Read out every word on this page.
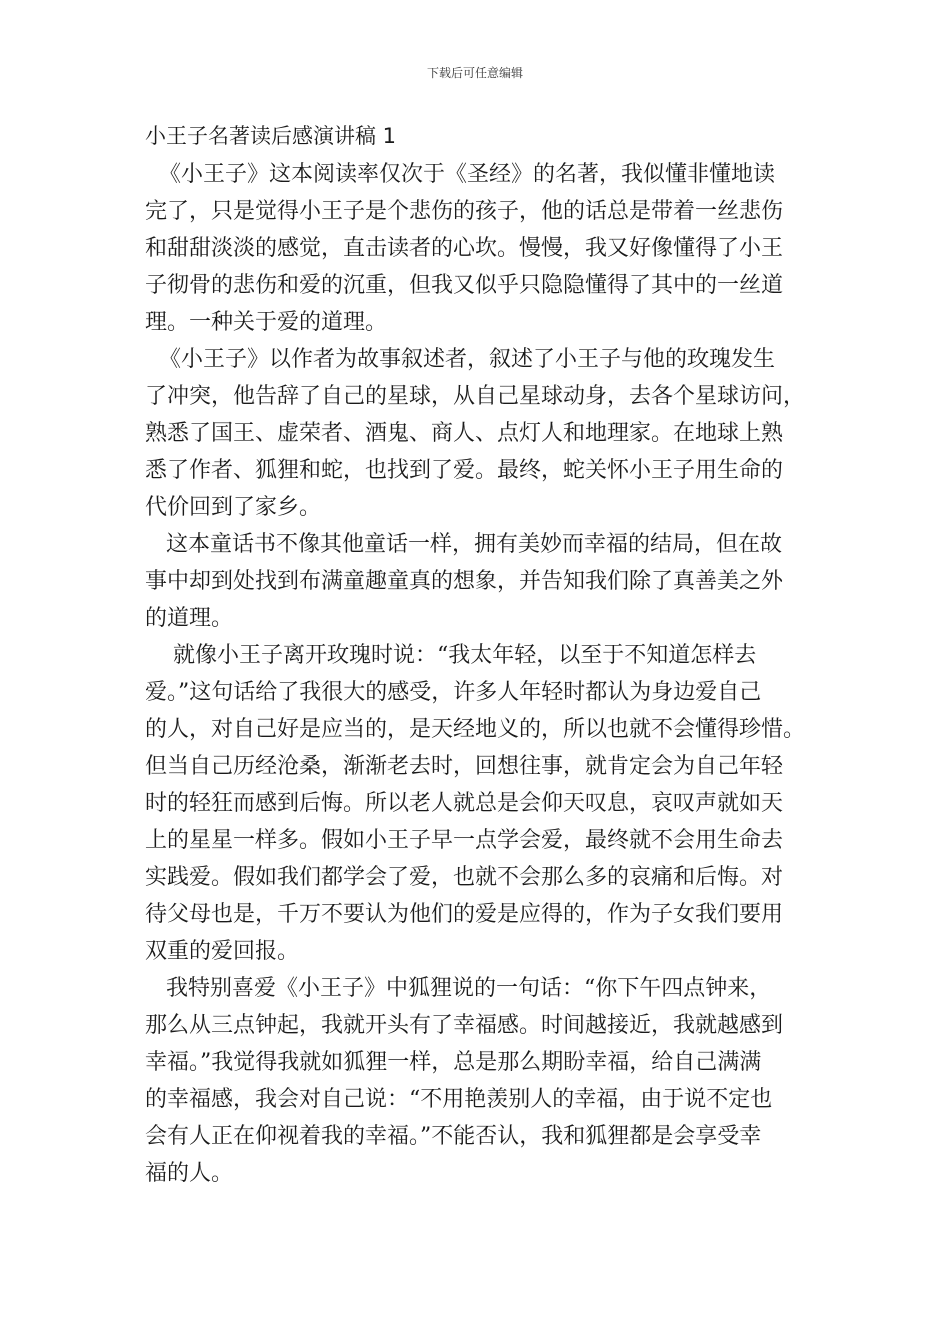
下载后可任意编辑
小王子名著读后感演讲稿 1
《小王子》这本阅读率仅次于《圣经》的名著，我似懂非懂地读
完了，只是觉得小王子是个悲伤的孩子，他的话总是带着一丝悲伤
和甜甜淡淡的感觉，直击读者的心坎。慢慢，我又好像懂得了小王
子彻骨的悲伤和爱的沉重，但我又似乎只隐隐懂得了其中的一丝道
理。一种关于爱的道理。
《小王子》以作者为故事叙述者，叙述了小王子与他的玫瑰发生
了冲突，他告辞了自己的星球，从自己星球动身，去各个星球访问，
熟悉了国王、虚荣者、酒鬼、商人、点灯人和地理家。在地球上熟
悉了作者、狐狸和蛇，也找到了爱。最终，蛇关怀小王子用生命的
代价回到了家乡。
这本童话书不像其他童话一样，拥有美妙而幸福的结局，但在故
事中却到处找到布满童趣童真的想象，并告知我们除了真善美之外
的道理。
就像小王子离开玫瑰时说：“我太年轻，以至于不知道怎样去
爱。”这句话给了我很大的感受，许多人年轻时都认为身边爱自己
的人，对自己好是应当的，是天经地义的，所以也就不会懂得珍惜。
但当自己历经沧桑，渐渐老去时，回想往事，就肯定会为自己年轻
时的轻狂而感到后悔。所以老人就总是会仰天叹息，哀叹声就如天
上的星星一样多。假如小王子早一点学会爱，最终就不会用生命去
实践爱。假如我们都学会了爱，也就不会那么多的哀痛和后悔。对
待父母也是，千万不要认为他们的爱是应得的，作为子女我们要用
双重的爱回报。
我特别喜爱《小王子》中狐狸说的一句话：“你下午四点钟来，
那么从三点钟起，我就开头有了幸福感。时间越接近，我就越感到
幸福。”我觉得我就如狐狸一样，总是那么期盼幸福，给自己满满
的幸福感，我会对自己说：“不用艳羡别人的幸福，由于说不定也
会有人正在仰视着我的幸福。”不能否认，我和狐狸都是会享受幸
福的人。
